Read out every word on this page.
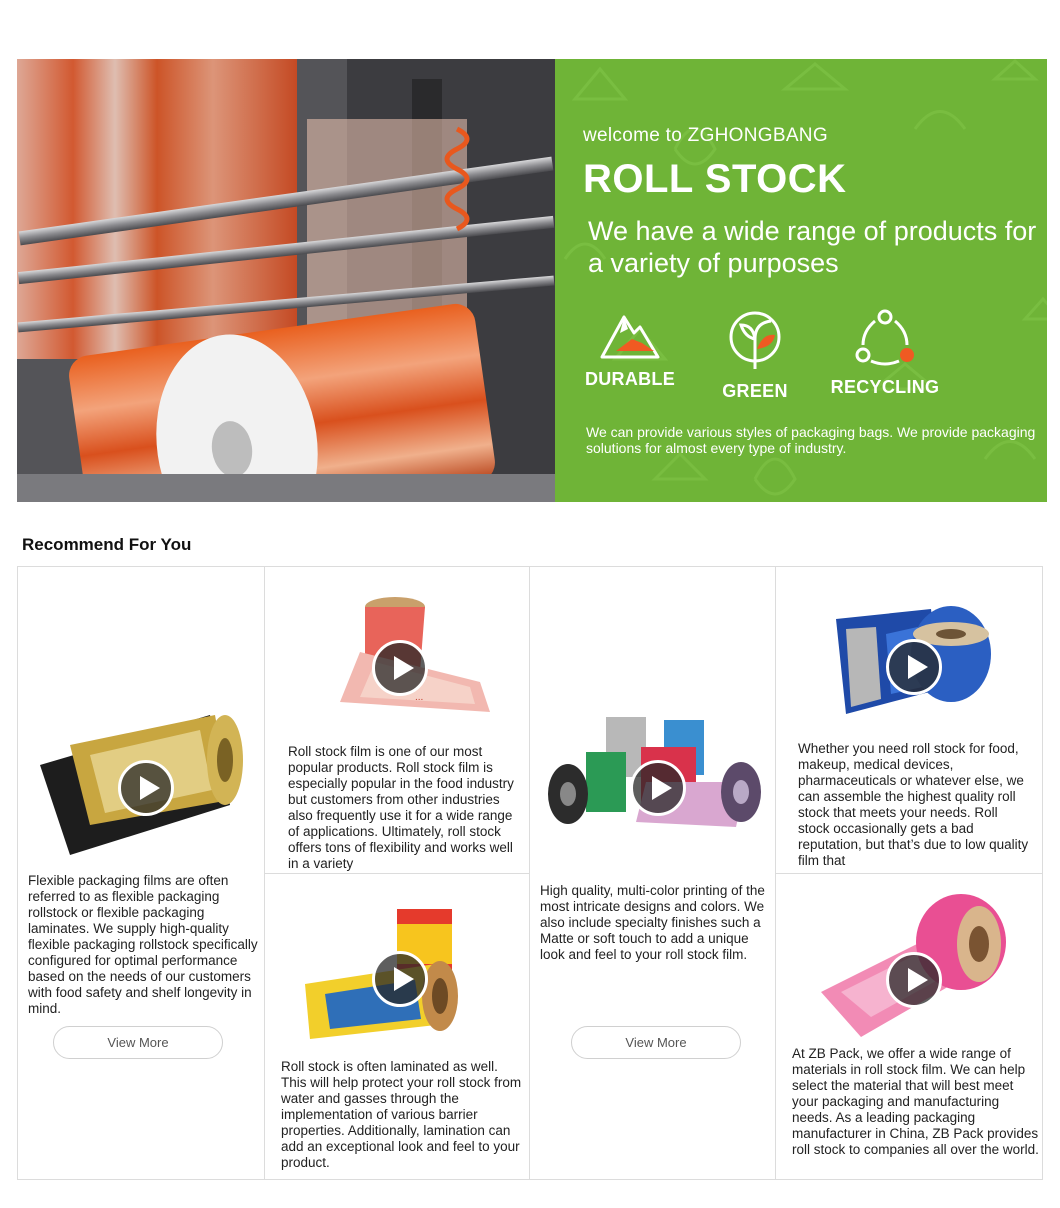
welcome to ZGHONGBANG
ROLL STOCK
We have a wide range of products for a variety of purposes
DURABLE
GREEN	RECYCLING

We can provide various styles of packaging bags. We provide packaging solutions for almost every type of industry.

Recommend For You

Flexible packaging films are often referred to as flexible packaging rollstock or flexible packaging laminates. We supply high-quality flexible packaging rollstock specifically configured for optimal performance based on the needs of our customers with food safety and shelf longevity in mind.

View More
...

Roll stock film is one of our most popular products. Roll stock film is especially popular in the food industry but customers from other industries also frequently use it for a wide range of applications. Ultimately, roll stock offers tons of flexibility and works well in a variety

Roll stock is often laminated as well. This will help protect your roll stock from water and gasses through the implementation of various barrier properties. Additionally, lamination can add an exceptional look and feel to your product.

High quality, multi-color printing of the most intricate designs and colors. We also include specialty finishes such a Matte or soft touch to add a unique look and feel to your roll stock film.

View More

Whether you need roll stock for food, makeup, medical devices, pharmaceuticals or whatever else, we can assemble the highest quality roll stock that meets your needs. Roll stock occasionally gets a bad reputation, but that’s due to low quality film that

At ZB Pack, we offer a wide range of materials in roll stock film. We can help select the material that will best meet your packaging and manufacturing needs. As a leading packaging manufacturer in China, ZB Pack provides roll stock to companies all over the world.
